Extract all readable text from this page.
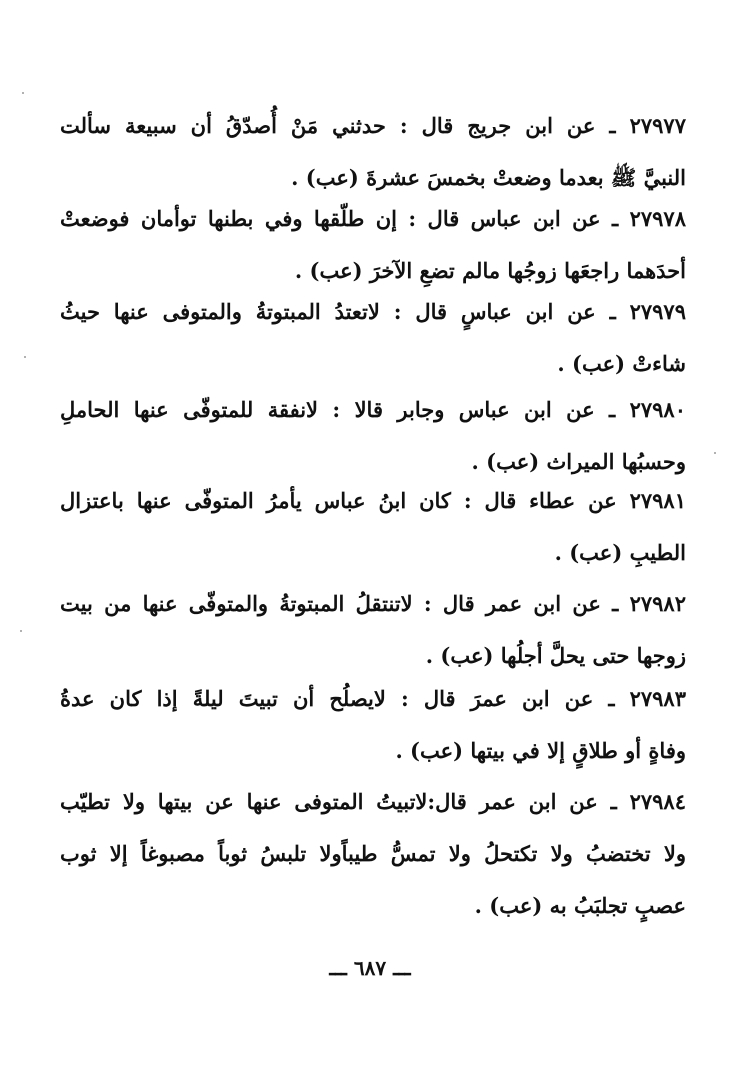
٢٧٩٧٧ ـ عن ابن جريج قال : حدثني مَنْ أُصدّقُ أن سبيعة سألت
النبيَّ ﷺ بعدما وضعتْ بخمسَ عشرةَ (عب) .
٢٧٩٧٨ ـ عن ابن عباس قال : إن طلّقها وفي بطنها توأمان فوضعتْ
أحدَهما راجعَها زوجُها مالم تضعِ الآخرَ (عب) .
٢٧٩٧٩ ـ عن ابن عباسٍ قال : لاتعتدُ المبتوتةُ والمتوفى عنها حيثُ
شاءتْ (عب) .
٢٧٩٨٠ ـ عن ابن عباس وجابر قالا : لانفقة للمتوفّى عنها الحاملِ
وحسبُها الميراث (عب) .
٢٧٩٨١ عن عطاء قال : كان ابنُ عباس يأمرُ المتوفّى عنها باعتزال
الطيبِ (عب) .
٢٧٩٨٢ ـ عن ابن عمر قال : لاتنتقلُ المبتوتةُ والمتوفّى عنها من بيت
زوجها حتى يحلَّ أجلُها (عب) .
٢٧٩٨٣ ـ عن ابن عمرَ قال : لايصلُح أن تبيتَ ليلةً إذا كان عدةُ
وفاةٍ أو طلاقٍ إلا في بيتها (عب) .
٢٧٩٨٤ ـ عن ابن عمر قال:لاتبيتُ المتوفى عنها عن بيتها ولا تطيّب
ولا تختضبُ ولا تكتحلُ ولا تمسُّ طيباًولا تلبسُ ثوباً مصبوغاً إلا ثوب
عصبٍ تجلبَبُ به (عب) .
ـــ ٦٨٧ ـــ
